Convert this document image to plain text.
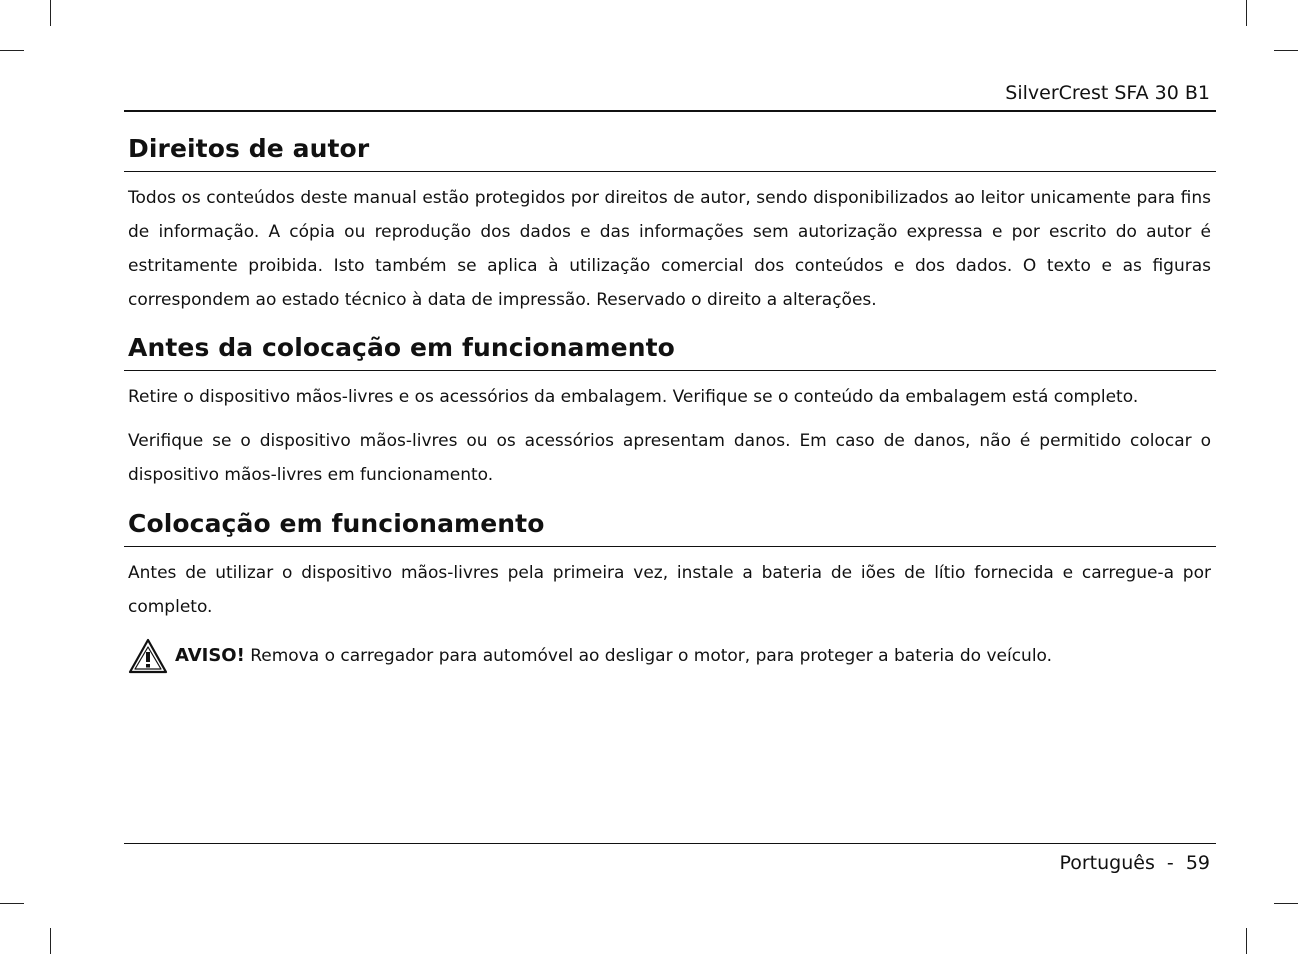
SilverCrest SFA 30 B1
Direitos de autor
Todos os conteúdos deste manual estão protegidos por direitos de autor, sendo disponibilizados ao leitor unicamente para fins de informação. A cópia ou reprodução dos dados e das informações sem autorização expressa e por escrito do autor é estritamente proibida. Isto também se aplica à utilização comercial dos conteúdos e dos dados. O texto e as figuras correspondem ao estado técnico à data de impressão. Reservado o direito a alterações.
Antes da colocação em funcionamento
Retire o dispositivo mãos-livres e os acessórios da embalagem. Verifique se o conteúdo da embalagem está completo.
Verifique se o dispositivo mãos-livres ou os acessórios apresentam danos. Em caso de danos, não é permitido colocar o dispositivo mãos-livres em funcionamento.
Colocação em funcionamento
Antes de utilizar o dispositivo mãos-livres pela primeira vez, instale a bateria de iões de lítio fornecida e carregue-a por completo.
AVISO! Remova o carregador para automóvel ao desligar o motor, para proteger a bateria do veículo.
Português - 59
